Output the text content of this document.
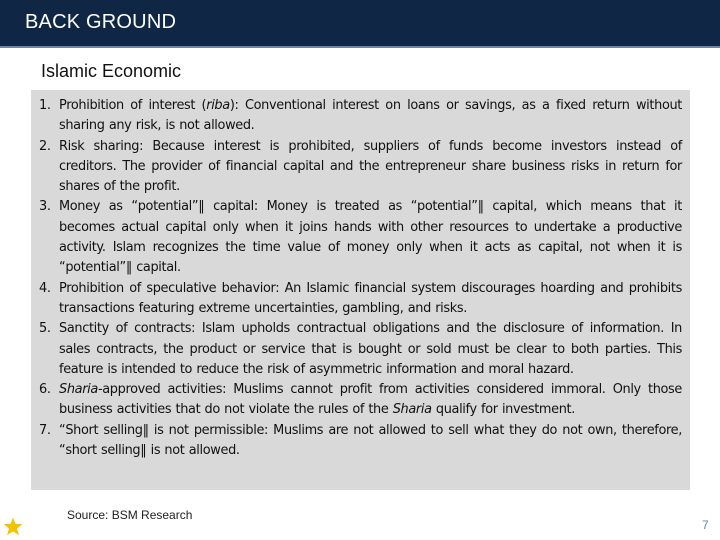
BACK GROUND
Islamic Economic
1. Prohibition of interest (riba): Conventional interest on loans or savings, as a fixed return without sharing any risk, is not allowed.
2. Risk sharing: Because interest is prohibited, suppliers of funds become investors instead of creditors. The provider of financial capital and the entrepreneur share business risks in return for shares of the profit.
3. Money as “potential”‖ capital: Money is treated as “potential”‖ capital, which means that it becomes actual capital only when it joins hands with other resources to undertake a productive activity. Islam recognizes the time value of money only when it acts as capital, not when it is “potential”‖ capital.
4. Prohibition of speculative behavior: An Islamic financial system discourages hoarding and prohibits transactions featuring extreme uncertainties, gambling, and risks.
5. Sanctity of contracts: Islam upholds contractual obligations and the disclosure of information. In sales contracts, the product or service that is bought or sold must be clear to both parties. This feature is intended to reduce the risk of asymmetric information and moral hazard.
6. Sharia-approved activities: Muslims cannot profit from activities considered immoral. Only those business activities that do not violate the rules of the Sharia qualify for investment.
7. “Short selling‖ is not permissible: Muslims are not allowed to sell what they do not own, therefore, “short selling‖ is not allowed.
Source: BSM Research
7
